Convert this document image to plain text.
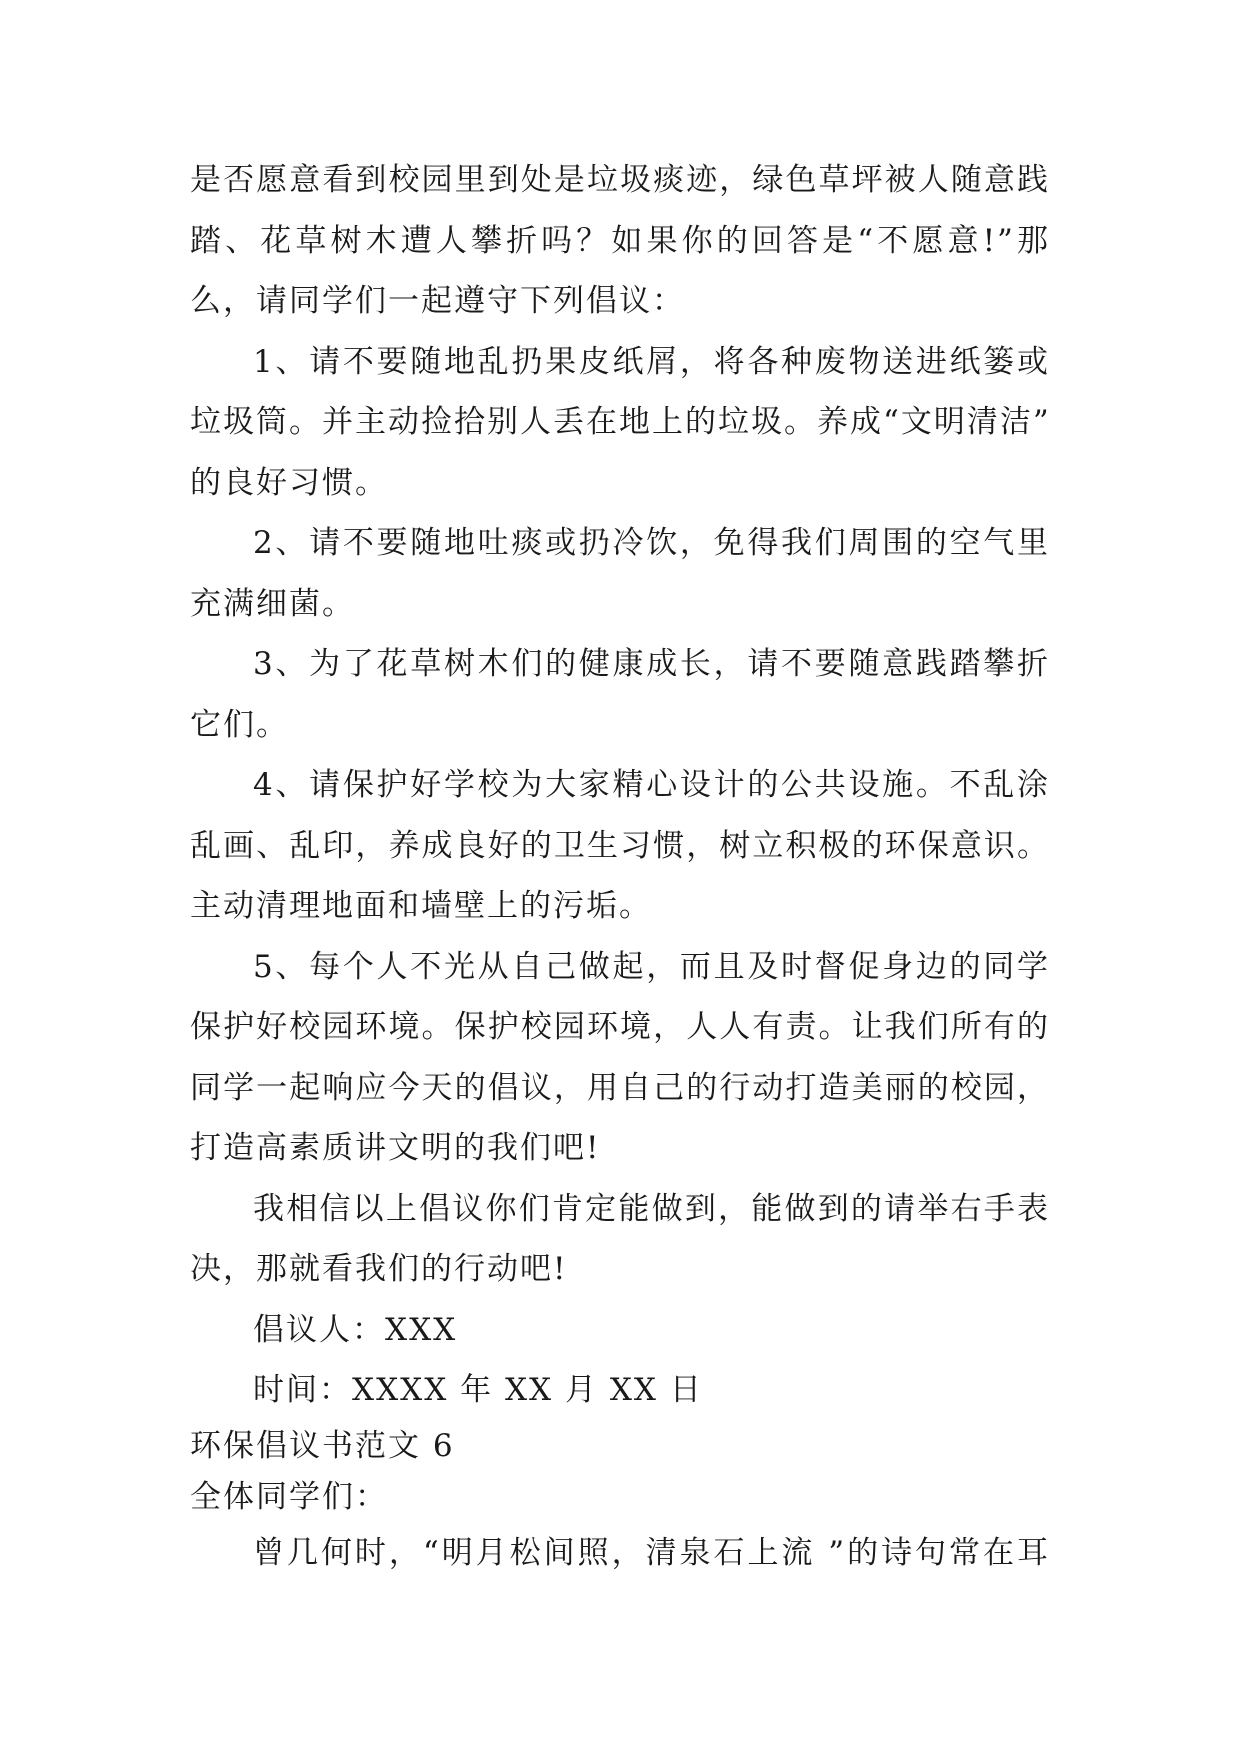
是否愿意看到校园里到处是垃圾痰迹，绿色草坪被人随意践
踏、花草树木遭人攀折吗？如果你的回答是“不愿意!”那
么，请同学们一起遵守下列倡议：
1、请不要随地乱扔果皮纸屑，将各种废物送进纸篓或
垃圾筒。并主动捡拾别人丢在地上的垃圾。养成“文明清洁”
的良好习惯。
2、请不要随地吐痰或扔冷饮，免得我们周围的空气里
充满细菌。
3、为了花草树木们的健康成长，请不要随意践踏攀折
它们。
4、请保护好学校为大家精心设计的公共设施。不乱涂
乱画、乱印，养成良好的卫生习惯，树立积极的环保意识。
主动清理地面和墙壁上的污垢。
5、每个人不光从自己做起，而且及时督促身边的同学
保护好校园环境。保护校园环境，人人有责。让我们所有的
同学一起响应今天的倡议，用自己的行动打造美丽的校园，
打造高素质讲文明的我们吧!
我相信以上倡议你们肯定能做到，能做到的请举右手表
决，那就看我们的行动吧!
倡议人：XXX
时间：XXXX 年 XX 月 XX 日
环保倡议书范文 6
全体同学们：
曾几何时，“明月松间照，清泉石上流 ”的诗句常在耳
